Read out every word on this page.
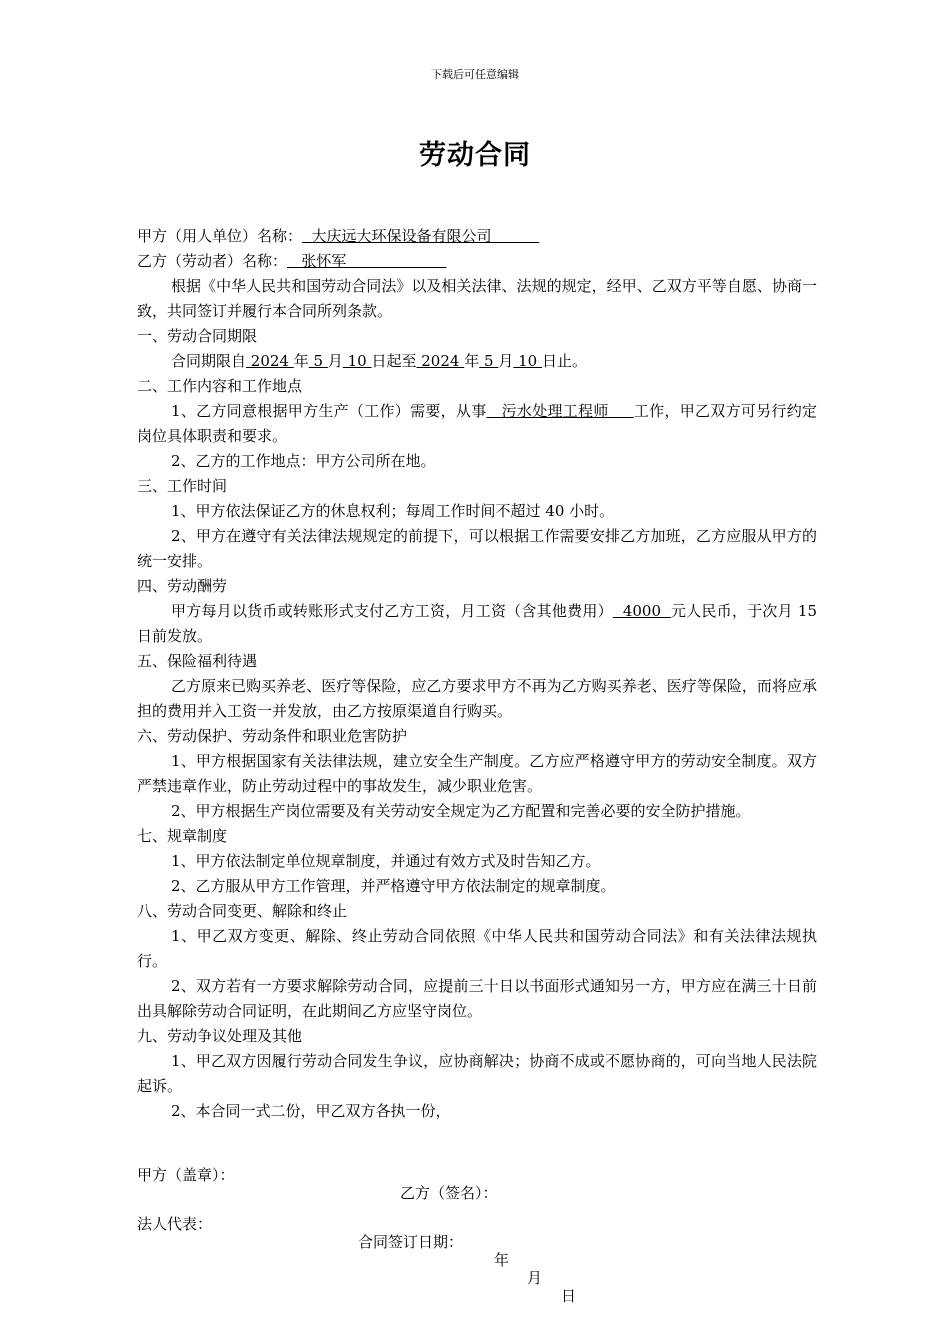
下载后可任意编辑
劳动合同
甲方（用人单位）名称：  大庆远大环保设备有限公司
乙方（劳动者）名称：   张怀军
根据《中华人民共和国劳动合同法》以及相关法律、法规的规定，经甲、乙双方平等自愿、协商一致，共同签订并履行本合同所列条款。
一、劳动合同期限
合同期限自 2024 年 5 月 10 日起至 2024 年 5 月 10 日止。
二、工作内容和工作地点
1、乙方同意根据甲方生产（工作）需要，从事   污水处理工程师     工作，甲乙双方可另行约定岗位具体职责和要求。
2、乙方的工作地点：甲方公司所在地。
三、工作时间
1、甲方依法保证乙方的休息权利；每周工作时间不超过 40 小时。
2、甲方在遵守有关法律法规规定的前提下，可以根据工作需要安排乙方加班，乙方应服从甲方的统一安排。
四、劳动酬劳
甲方每月以货币或转账形式支付乙方工资，月工资（含其他费用）  4000  元人民币，于次月 15 日前发放。
五、保险福利待遇
乙方原来已购买养老、医疗等保险，应乙方要求甲方不再为乙方购买养老、医疗等保险，而将应承担的费用并入工资一并发放，由乙方按原渠道自行购买。
六、劳动保护、劳动条件和职业危害防护
1、甲方根据国家有关法律法规，建立安全生产制度。乙方应严格遵守甲方的劳动安全制度。双方严禁违章作业，防止劳动过程中的事故发生，减少职业危害。
2、甲方根据生产岗位需要及有关劳动安全规定为乙方配置和完善必要的安全防护措施。
七、规章制度
1、甲方依法制定单位规章制度，并通过有效方式及时告知乙方。
2、乙方服从甲方工作管理，并严格遵守甲方依法制定的规章制度。
八、劳动合同变更、解除和终止
1、甲乙双方变更、解除、终止劳动合同依照《中华人民共和国劳动合同法》和有关法律法规执行。
2、双方若有一方要求解除劳动合同，应提前三十日以书面形式通知另一方，甲方应在满三十日前出具解除劳动合同证明，在此期间乙方应坚守岗位。
九、劳动争议处理及其他
1、甲乙双方因履行劳动合同发生争议，应协商解决；协商不成或不愿协商的，可向当地人民法院起诉。
2、本合同一式二份，甲乙双方各执一份，

甲方（盖章）：

乙方（签名）：

法人代表：

合同签订日期：

年

月

日
